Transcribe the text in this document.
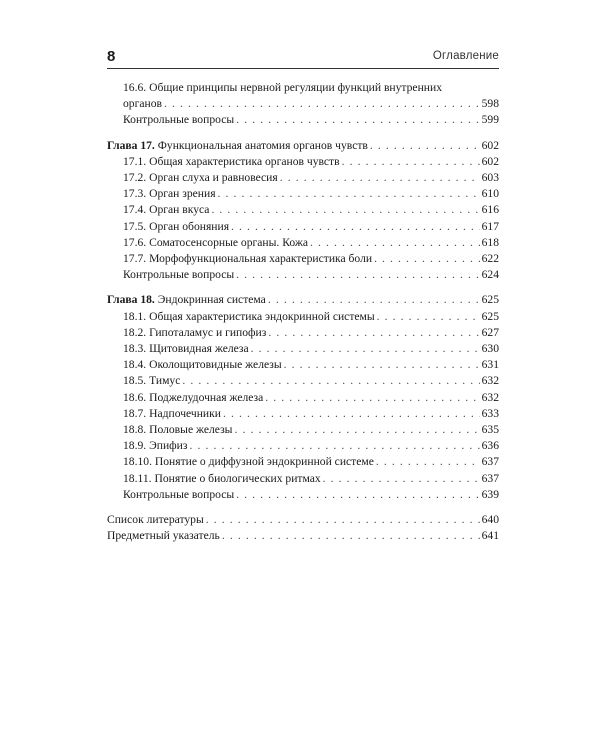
8	Оглавление
16.6. Общие принципы нервной регуляции функций внутренних
органов . . .	598
Контрольные вопросы . . .	599
Глава 17. Функциональная анатомия органов чувств . . .	602
17.1. Общая характеристика органов чувств . . .	602
17.2. Орган слуха и равновесия . . .	603
17.3. Орган зрения . . .	610
17.4. Орган вкуса . . .	616
17.5. Орган обоняния . . .	617
17.6. Соматосенсорные органы. Кожа . . .	618
17.7. Морфофункциональная характеристика боли . . .	622
Контрольные вопросы . . .	624
Глава 18. Эндокринная система . . .	625
18.1. Общая характеристика эндокринной системы . . .	625
18.2. Гипоталамус и гипофиз . . .	627
18.3. Щитовидная железа . . .	630
18.4. Околощитовидные железы . . .	631
18.5. Тимус . . .	632
18.6. Поджелудочная железа . . .	632
18.7. Надпочечники . . .	633
18.8. Половые железы . . .	635
18.9. Эпифиз . . .	636
18.10. Понятие о диффузной эндокринной системе . . .	637
18.11. Понятие о биологических ритмах . . .	637
Контрольные вопросы . . .	639
Список литературы . . .	640
Предметный указатель . . .	641
